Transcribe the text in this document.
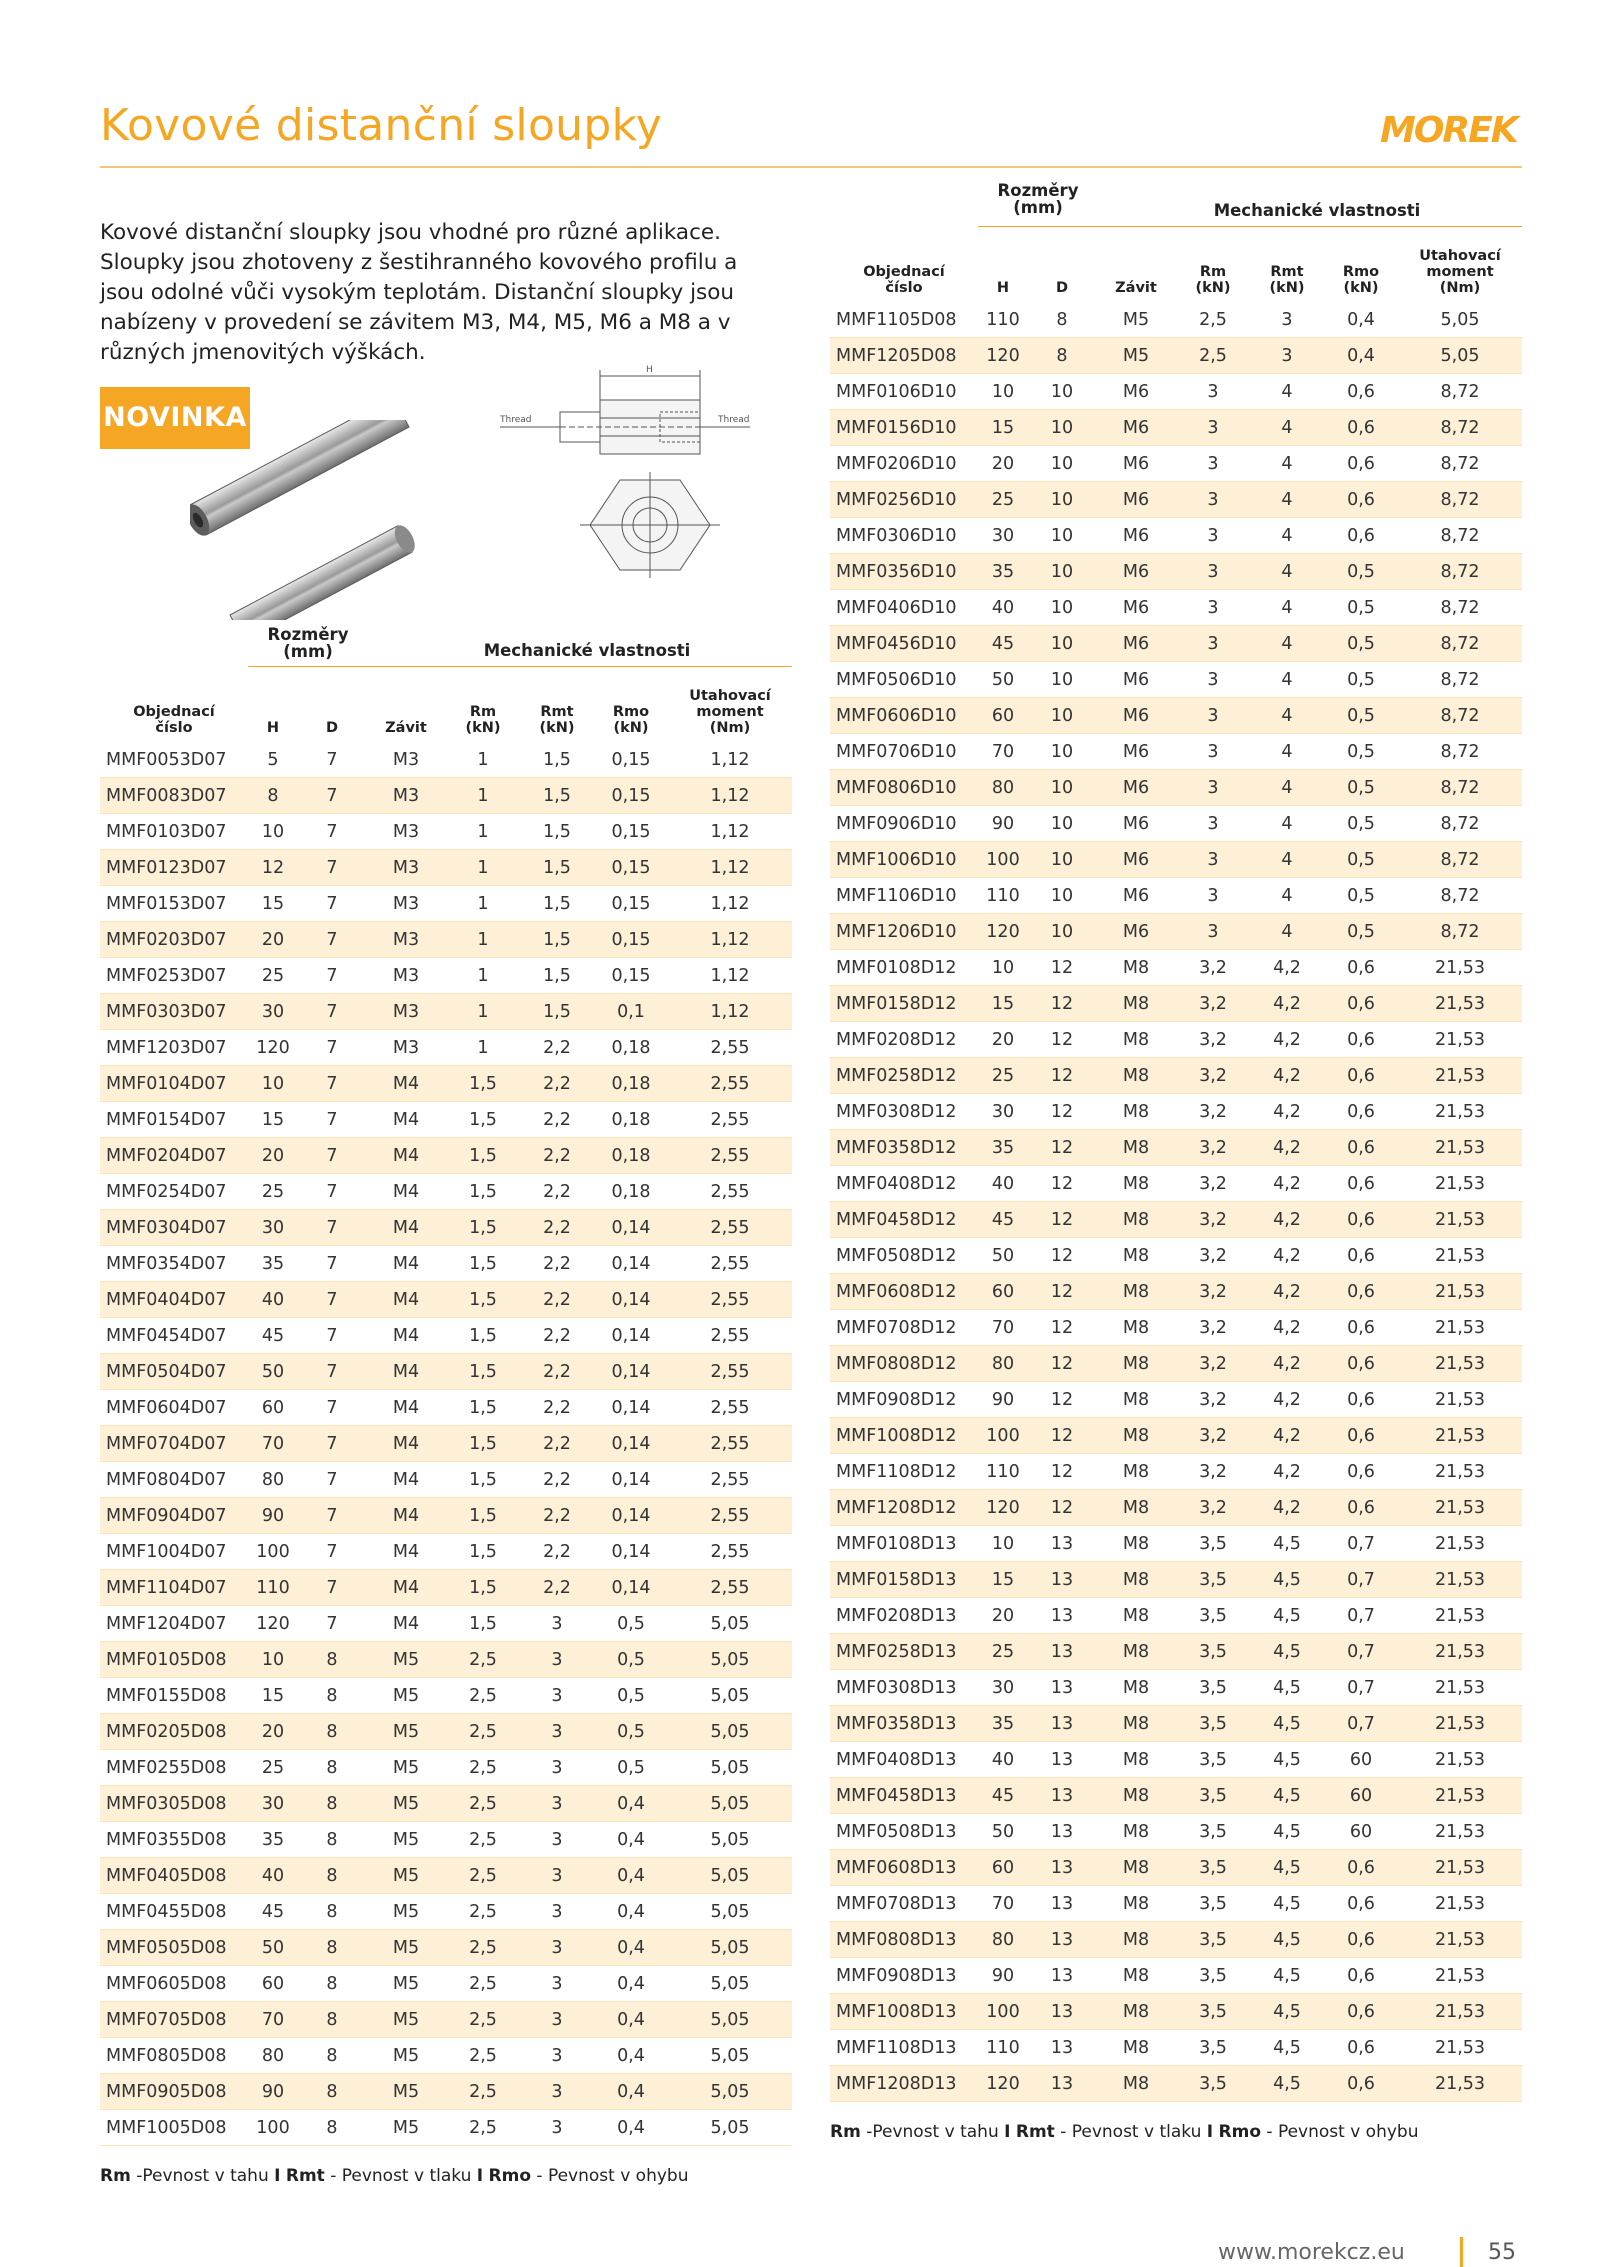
Kovové distanční sloupky	MOREK
Kovové distanční sloupky jsou vhodné pro různé aplikace. Sloupky jsou zhotoveny z šestihranného kovového profilu a jsou odolné vůči vysokým teplotám. Distanční sloupky jsou nabízeny v provedení se závitem M3, M4, M5, M6 a M8 a v různých jmenovitých výškách.
NOVINKA
H
Thread	Thread
Rozměry
(mm)	Mechanické vlastnosti
Objednací
číslo	H	D	Závit	Rm
(kN)	Rmt
(kN)	Rmo
(kN)	Utahovací
moment
(Nm)
MMF0053D07	5	7	M3	1	1,5	0,15	1,12
MMF0083D07	8	7	M3	1	1,5	0,15	1,12
MMF0103D07	10	7	M3	1	1,5	0,15	1,12
MMF0123D07	12	7	M3	1	1,5	0,15	1,12
MMF0153D07	15	7	M3	1	1,5	0,15	1,12
MMF0203D07	20	7	M3	1	1,5	0,15	1,12
MMF0253D07	25	7	M3	1	1,5	0,15	1,12
MMF0303D07	30	7	M3	1	1,5	0,1	1,12
MMF1203D07	120	7	M3	1	2,2	0,18	2,55
MMF0104D07	10	7	M4	1,5	2,2	0,18	2,55
MMF0154D07	15	7	M4	1,5	2,2	0,18	2,55
MMF0204D07	20	7	M4	1,5	2,2	0,18	2,55
MMF0254D07	25	7	M4	1,5	2,2	0,18	2,55
MMF0304D07	30	7	M4	1,5	2,2	0,14	2,55
MMF0354D07	35	7	M4	1,5	2,2	0,14	2,55
MMF0404D07	40	7	M4	1,5	2,2	0,14	2,55
MMF0454D07	45	7	M4	1,5	2,2	0,14	2,55
MMF0504D07	50	7	M4	1,5	2,2	0,14	2,55
MMF0604D07	60	7	M4	1,5	2,2	0,14	2,55
MMF0704D07	70	7	M4	1,5	2,2	0,14	2,55
MMF0804D07	80	7	M4	1,5	2,2	0,14	2,55
MMF0904D07	90	7	M4	1,5	2,2	0,14	2,55
MMF1004D07	100	7	M4	1,5	2,2	0,14	2,55
MMF1104D07	110	7	M4	1,5	2,2	0,14	2,55
MMF1204D07	120	7	M4	1,5	3	0,5	5,05
MMF0105D08	10	8	M5	2,5	3	0,5	5,05
MMF0155D08	15	8	M5	2,5	3	0,5	5,05
MMF0205D08	20	8	M5	2,5	3	0,5	5,05
MMF0255D08	25	8	M5	2,5	3	0,5	5,05
MMF0305D08	30	8	M5	2,5	3	0,4	5,05
MMF0355D08	35	8	M5	2,5	3	0,4	5,05
MMF0405D08	40	8	M5	2,5	3	0,4	5,05
MMF0455D08	45	8	M5	2,5	3	0,4	5,05
MMF0505D08	50	8	M5	2,5	3	0,4	5,05
MMF0605D08	60	8	M5	2,5	3	0,4	5,05
MMF0705D08	70	8	M5	2,5	3	0,4	5,05
MMF0805D08	80	8	M5	2,5	3	0,4	5,05
MMF0905D08	90	8	M5	2,5	3	0,4	5,05
MMF1005D08	100	8	M5	2,5	3	0,4	5,05
Rm -Pevnost v tahu I Rmt - Pevnost v tlaku I Rmo - Pevnost v ohybu
Rozměry
(mm)	Mechanické vlastnosti
Objednací
číslo	H	D	Závit	Rm
(kN)	Rmt
(kN)	Rmo
(kN)	Utahovací
moment
(Nm)
MMF1105D08	110	8	M5	2,5	3	0,4	5,05
MMF1205D08	120	8	M5	2,5	3	0,4	5,05
MMF0106D10	10	10	M6	3	4	0,6	8,72
MMF0156D10	15	10	M6	3	4	0,6	8,72
MMF0206D10	20	10	M6	3	4	0,6	8,72
MMF0256D10	25	10	M6	3	4	0,6	8,72
MMF0306D10	30	10	M6	3	4	0,6	8,72
MMF0356D10	35	10	M6	3	4	0,5	8,72
MMF0406D10	40	10	M6	3	4	0,5	8,72
MMF0456D10	45	10	M6	3	4	0,5	8,72
MMF0506D10	50	10	M6	3	4	0,5	8,72
MMF0606D10	60	10	M6	3	4	0,5	8,72
MMF0706D10	70	10	M6	3	4	0,5	8,72
MMF0806D10	80	10	M6	3	4	0,5	8,72
MMF0906D10	90	10	M6	3	4	0,5	8,72
MMF1006D10	100	10	M6	3	4	0,5	8,72
MMF1106D10	110	10	M6	3	4	0,5	8,72
MMF1206D10	120	10	M6	3	4	0,5	8,72
MMF0108D12	10	12	M8	3,2	4,2	0,6	21,53
MMF0158D12	15	12	M8	3,2	4,2	0,6	21,53
MMF0208D12	20	12	M8	3,2	4,2	0,6	21,53
MMF0258D12	25	12	M8	3,2	4,2	0,6	21,53
MMF0308D12	30	12	M8	3,2	4,2	0,6	21,53
MMF0358D12	35	12	M8	3,2	4,2	0,6	21,53
MMF0408D12	40	12	M8	3,2	4,2	0,6	21,53
MMF0458D12	45	12	M8	3,2	4,2	0,6	21,53
MMF0508D12	50	12	M8	3,2	4,2	0,6	21,53
MMF0608D12	60	12	M8	3,2	4,2	0,6	21,53
MMF0708D12	70	12	M8	3,2	4,2	0,6	21,53
MMF0808D12	80	12	M8	3,2	4,2	0,6	21,53
MMF0908D12	90	12	M8	3,2	4,2	0,6	21,53
MMF1008D12	100	12	M8	3,2	4,2	0,6	21,53
MMF1108D12	110	12	M8	3,2	4,2	0,6	21,53
MMF1208D12	120	12	M8	3,2	4,2	0,6	21,53
MMF0108D13	10	13	M8	3,5	4,5	0,7	21,53
MMF0158D13	15	13	M8	3,5	4,5	0,7	21,53
MMF0208D13	20	13	M8	3,5	4,5	0,7	21,53
MMF0258D13	25	13	M8	3,5	4,5	0,7	21,53
MMF0308D13	30	13	M8	3,5	4,5	0,7	21,53
MMF0358D13	35	13	M8	3,5	4,5	0,7	21,53
MMF0408D13	40	13	M8	3,5	4,5	60	21,53
MMF0458D13	45	13	M8	3,5	4,5	60	21,53
MMF0508D13	50	13	M8	3,5	4,5	60	21,53
MMF0608D13	60	13	M8	3,5	4,5	0,6	21,53
MMF0708D13	70	13	M8	3,5	4,5	0,6	21,53
MMF0808D13	80	13	M8	3,5	4,5	0,6	21,53
MMF0908D13	90	13	M8	3,5	4,5	0,6	21,53
MMF1008D13	100	13	M8	3,5	4,5	0,6	21,53
MMF1108D13	110	13	M8	3,5	4,5	0,6	21,53
MMF1208D13	120	13	M8	3,5	4,5	0,6	21,53
Rm -Pevnost v tahu I Rmt - Pevnost v tlaku I Rmo - Pevnost v ohybu
www.morekcz.eu	55
